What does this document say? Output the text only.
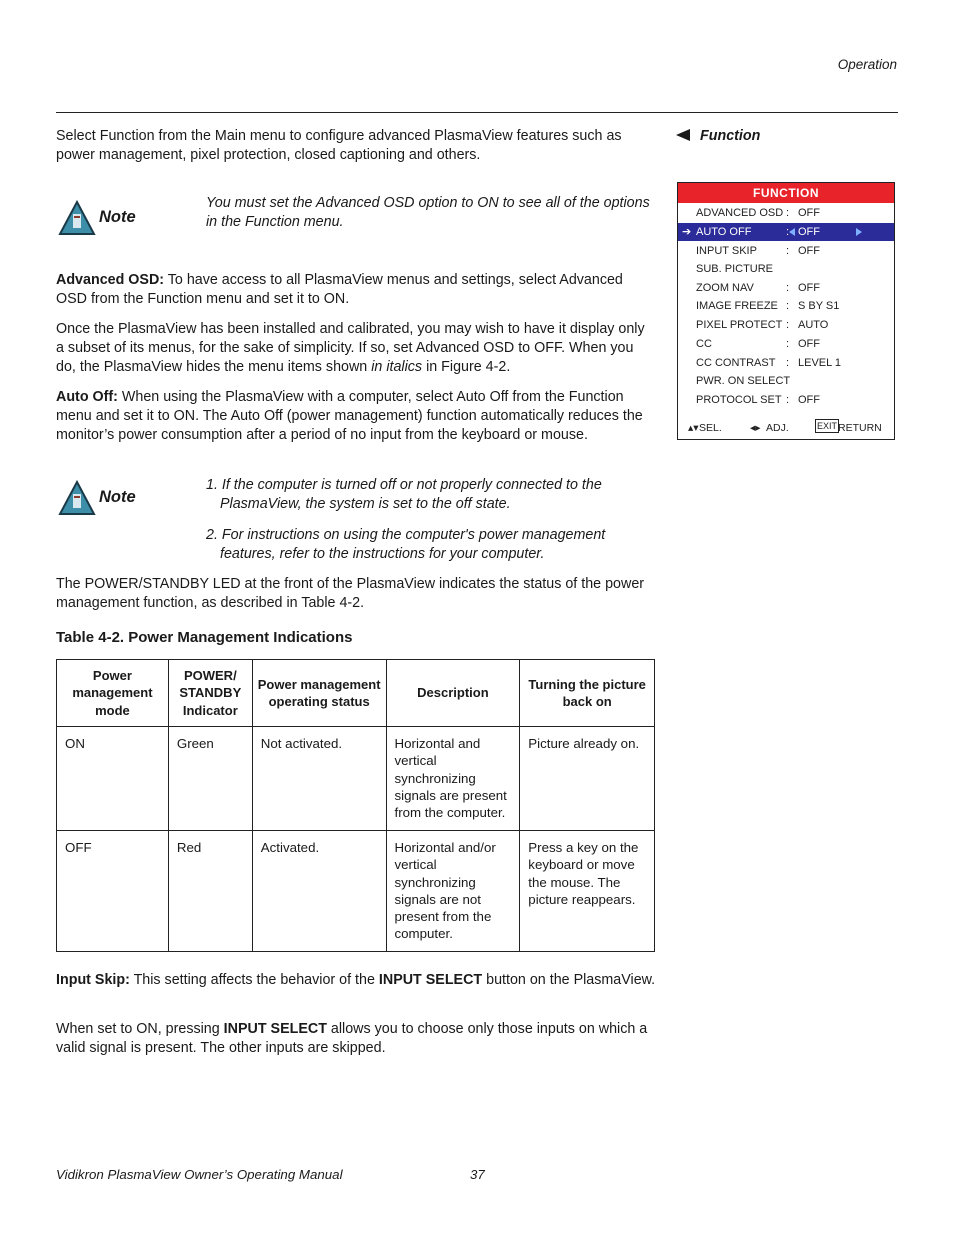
Operation

Select Function from the Main menu to configure advanced PlasmaView features such as power management, pixel protection, closed captioning and others.

Note
You must set the Advanced OSD option to ON to see all of the options in the Function menu.

Advanced OSD: To have access to all PlasmaView menus and settings, select Advanced OSD from the Function menu and set it to ON.

Once the PlasmaView has been installed and calibrated, you may wish to have it display only a subset of its menus, for the sake of simplicity. If so, set Advanced OSD to OFF. When you do, the PlasmaView hides the menu items shown in italics in Figure 4-2.

Auto Off: When using the PlasmaView with a computer, select Auto Off from the Function menu and set it to ON. The Auto Off (power management) function automatically reduces the monitor’s power consumption after a period of no input from the keyboard or mouse.

Note
1. If the computer is turned off or not properly connected to the PlasmaView, the system is set to the off state.
2. For instructions on using the computer's power management features, refer to the instructions for your computer.

The POWER/STANDBY LED at the front of the PlasmaView indicates the status of the power management function, as described in Table 4-2.

Function
FUNCTION
ADVANCED OSD : OFF
➔ AUTO OFF	: OFF
INPUT SKIP	: OFF
SUB. PICTURE
ZOOM NAV	: OFF
IMAGE FREEZE : S BY S1
PIXEL PROTECT : AUTO
CC	: OFF
CC CONTRAST : LEVEL 1
PWR. ON SELECT
PROTOCOL SET : OFF
▴▾ SEL.	◂▸ ADJ.	EXIT RETURN
Table 4-2. Power Management Indications
Power management mode	POWER/ STANDBY Indicator	Power management operating status	Description	Turning the picture back on
ON	Green	Not activated.	Horizontal and vertical synchronizing signals are present from the computer.	Picture already on.
OFF	Red	Activated.	Horizontal and/or vertical synchronizing signals are not present from the computer.	Press a key on the keyboard or move the mouse. The picture reappears.

Input Skip: This setting affects the behavior of the INPUT SELECT button on the PlasmaView.

When set to ON, pressing INPUT SELECT allows you to choose only those inputs on which a valid signal is present. The other inputs are skipped.

Vidikron PlasmaView Owner’s Operating Manual	37
